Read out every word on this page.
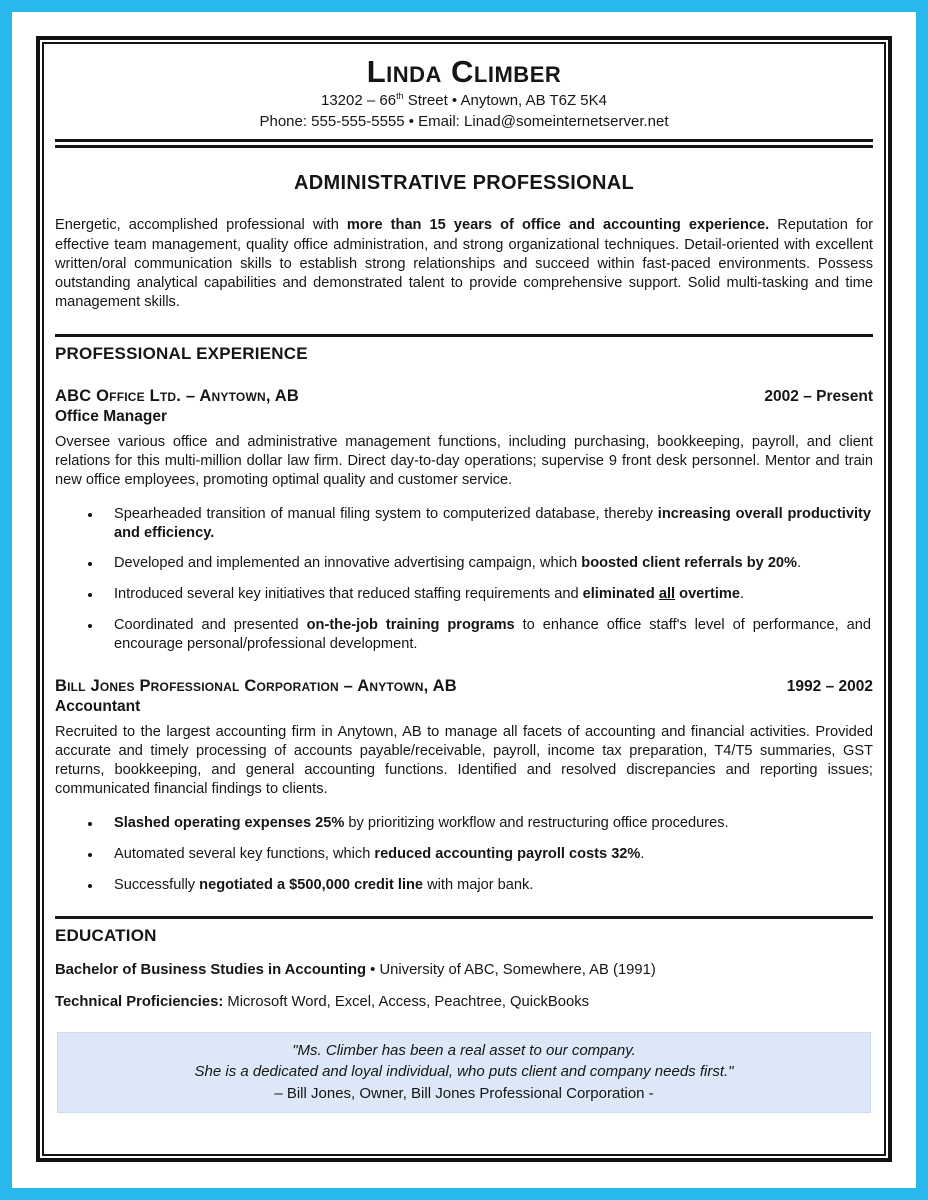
Linda Climber
13202 – 66th Street • Anytown, AB T6Z 5K4
Phone: 555-555-5555 • Email: Linad@someinternetserver.net
ADMINISTRATIVE PROFESSIONAL

Energetic, accomplished professional with more than 15 years of office and accounting experience. Reputation for effective team management, quality office administration, and strong organizational techniques. Detail-oriented with excellent written/oral communication skills to establish strong relationships and succeed within fast-paced environments. Possess outstanding analytical capabilities and demonstrated talent to provide comprehensive support. Solid multi-tasking and time management skills.

PROFESSIONAL EXPERIENCE
ABC Office Ltd. – Anytown, AB	2002 – Present
Office Manager

Oversee various office and administrative management functions, including purchasing, bookkeeping, payroll, and client relations for this multi-million dollar law firm. Direct day-to-day operations; supervise 9 front desk personnel. Mentor and train new office employees, promoting optimal quality and customer service.

• Spearheaded transition of manual filing system to computerized database, thereby increasing overall productivity and efficiency.
• Developed and implemented an innovative advertising campaign, which boosted client referrals by 20%.
• Introduced several key initiatives that reduced staffing requirements and eliminated all overtime.
• Coordinated and presented on-the-job training programs to enhance office staff's level of performance, and encourage personal/professional development.
Bill Jones Professional Corporation – Anytown, AB	1992 – 2002
Accountant

Recruited to the largest accounting firm in Anytown, AB to manage all facets of accounting and financial activities. Provided accurate and timely processing of accounts payable/receivable, payroll, income tax preparation, T4/T5 summaries, GST returns, bookkeeping, and general accounting functions. Identified and resolved discrepancies and reporting issues; communicated financial findings to clients.

• Slashed operating expenses 25% by prioritizing workflow and restructuring office procedures.
• Automated several key functions, which reduced accounting payroll costs 32%.
• Successfully negotiated a $500,000 credit line with major bank.
EDUCATION
Bachelor of Business Studies in Accounting • University of ABC, Somewhere, AB (1991)
Technical Proficiencies: Microsoft Word, Excel, Access, Peachtree, QuickBooks
"Ms. Climber has been a real asset to our company.
She is a dedicated and loyal individual, who puts client and company needs first."
– Bill Jones, Owner, Bill Jones Professional Corporation -
